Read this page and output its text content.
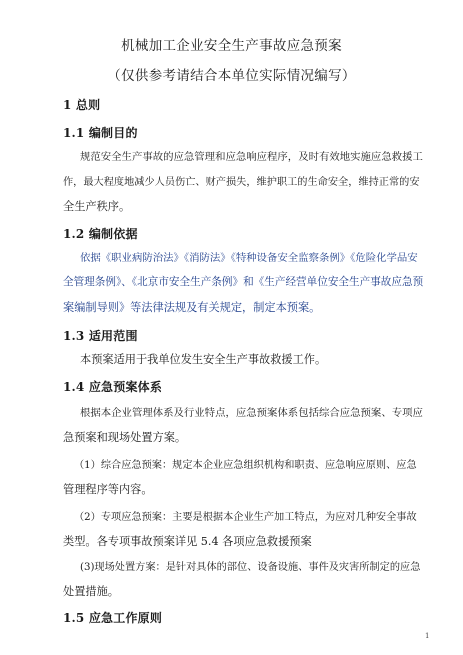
机械加工企业安全生产事故应急预案
（仅供参考请结合本单位实际情况编写）
1 总则
1.1 编制目的
规范安全生产事故的应急管理和应急响应程序，及时有效地实施应急救援工
作，最大程度地减少人员伤亡、财产损失，维护职工的生命安全，维持正常的安
全生产秩序。
1.2 编制依据
依据《职业病防治法》《消防法》《特种设备安全监察条例》《危险化学品安
全管理条例》、《北京市安全生产条例》和《生产经营单位安全生产事故应急预
案编制导则》等法律法规及有关规定，制定本预案。
1.3 适用范围
本预案适用于我单位发生安全生产事故救援工作。
1.4 应急预案体系
根据本企业管理体系及行业特点，应急预案体系包括综合应急预案、专项应
急预案和现场处置方案。
（1）综合应急预案：规定本企业应急组织机构和职责、应急响应原则、应急
管理程序等内容。
（2）专项应急预案：主要是根据本企业生产加工特点，为应对几种安全事故
类型。各专项事故预案详见 5.4 各项应急救援预案
(3)现场处置方案：是针对具体的部位、设备设施、事件及灾害所制定的应急
处置措施。
1.5 应急工作原则
1
